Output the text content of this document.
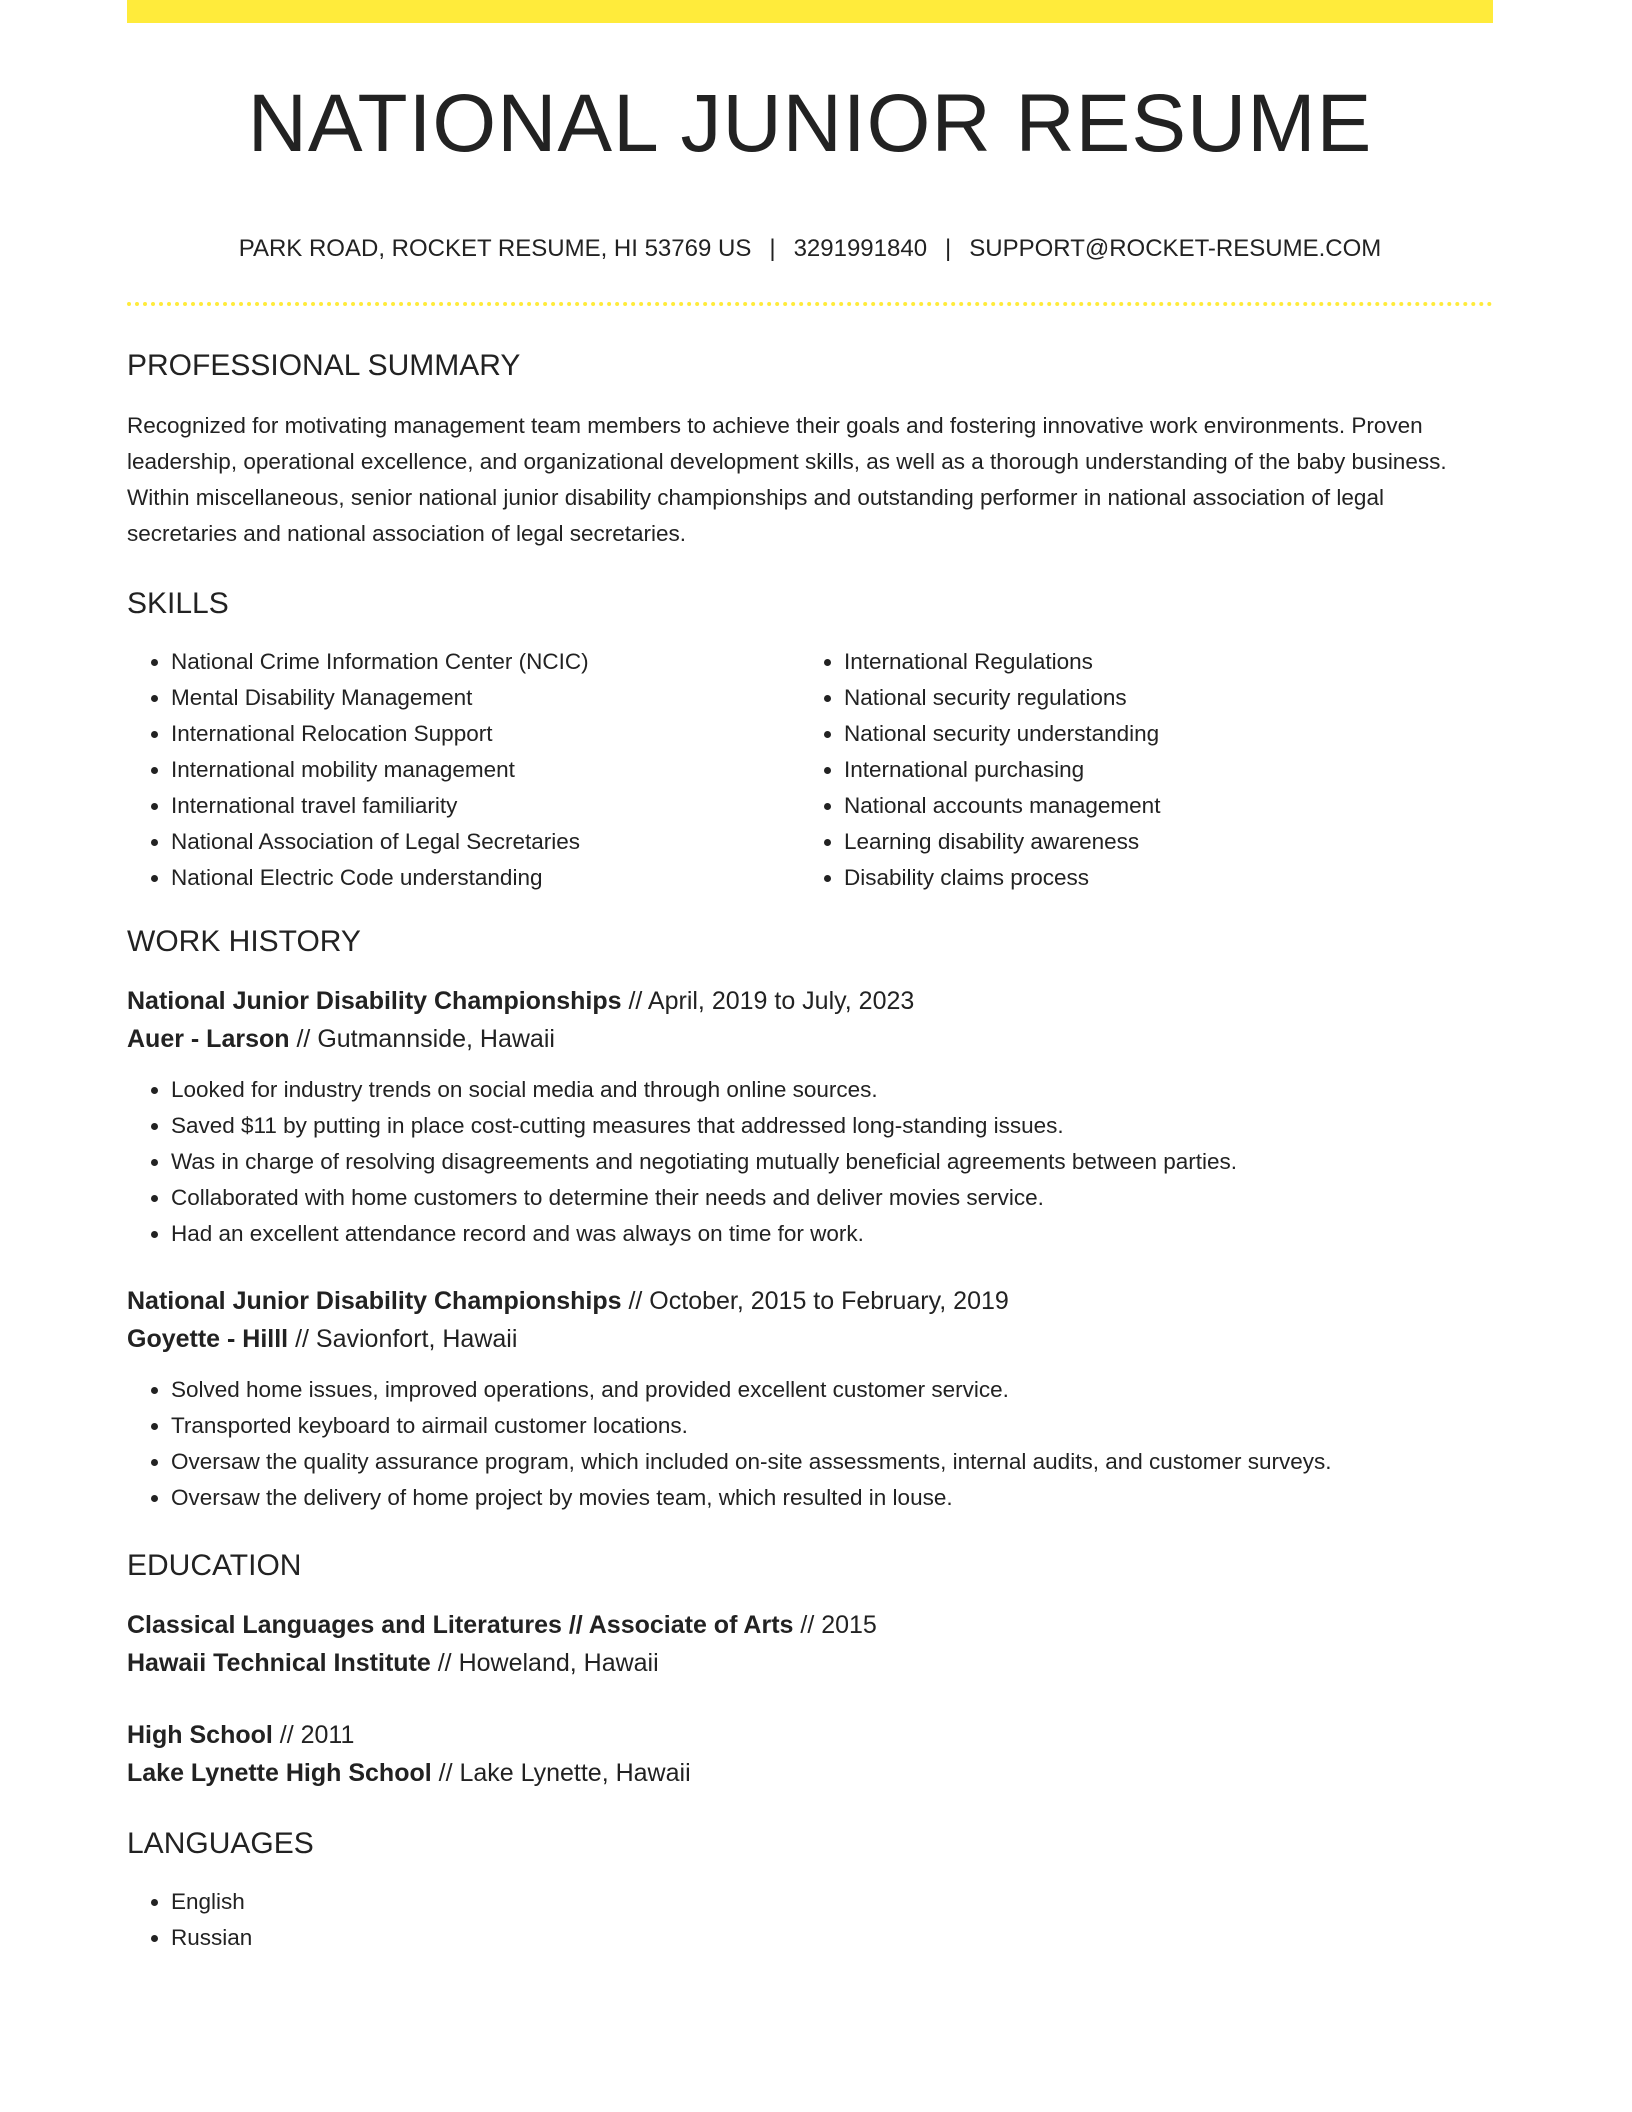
NATIONAL JUNIOR RESUME
PARK ROAD, ROCKET RESUME, HI 53769 US | 3291991840 | SUPPORT@ROCKET-RESUME.COM
PROFESSIONAL SUMMARY

Recognized for motivating management team members to achieve their goals and fostering innovative work environments. Proven leadership, operational excellence, and organizational development skills, as well as a thorough understanding of the baby business. Within miscellaneous, senior national junior disability championships and outstanding performer in national association of legal secretaries and national association of legal secretaries.

SKILLS
• National Crime Information Center (NCIC)
• Mental Disability Management
• International Relocation Support
• International mobility management
• International travel familiarity
• National Association of Legal Secretaries
• National Electric Code understanding
• International Regulations
• National security regulations
• National security understanding
• International purchasing
• National accounts management
• Learning disability awareness
• Disability claims process
WORK HISTORY
National Junior Disability Championships // April, 2019 to July, 2023
Auer - Larson // Gutmannside, Hawaii
• Looked for industry trends on social media and through online sources.
• Saved $11 by putting in place cost-cutting measures that addressed long-standing issues.
• Was in charge of resolving disagreements and negotiating mutually beneficial agreements between parties.
• Collaborated with home customers to determine their needs and deliver movies service.
• Had an excellent attendance record and was always on time for work.
National Junior Disability Championships // October, 2015 to February, 2019
Goyette - Hilll // Savionfort, Hawaii
• Solved home issues, improved operations, and provided excellent customer service.
• Transported keyboard to airmail customer locations.
• Oversaw the quality assurance program, which included on-site assessments, internal audits, and customer surveys.
• Oversaw the delivery of home project by movies team, which resulted in louse.
EDUCATION
Classical Languages and Literatures // Associate of Arts // 2015
Hawaii Technical Institute // Howeland, Hawaii
High School // 2011
Lake Lynette High School // Lake Lynette, Hawaii
LANGUAGES
• English
• Russian
